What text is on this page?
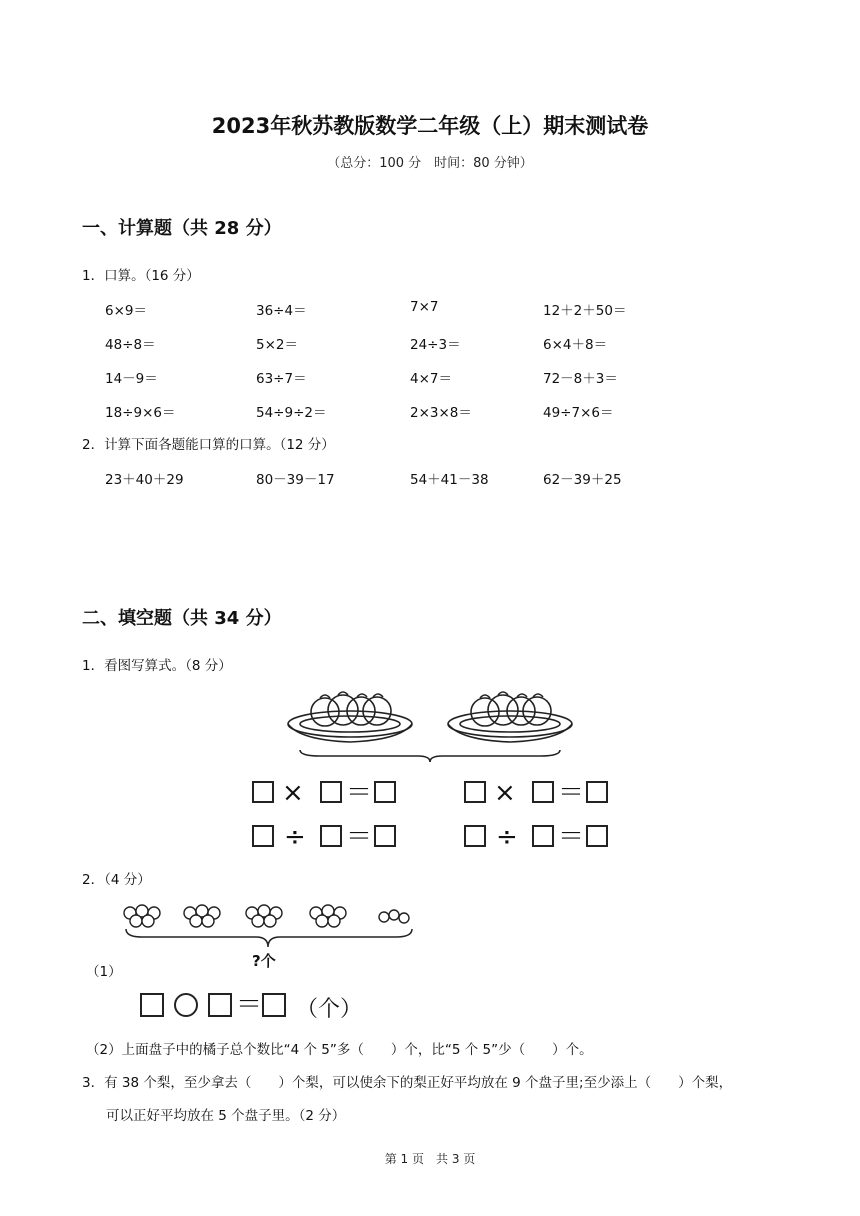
2023年秋苏教版数学二年级（上）期末测试卷
（总分：100 分　时间：80 分钟）
一、计算题（共 28 分）
1．口算。（16 分）
6×9＝	36÷4＝	7×7	12＋2＋50＝
48÷8＝	5×2＝	24÷3＝	6×4＋8＝
14－9＝	63÷7＝	4×7＝	72－8＋3＝
18÷9×6＝	54÷9÷2＝	2×3×8＝	49÷7×6＝
2．计算下面各题能口算的口算。（12 分）
23＋40＋29	80－39－17	54＋41－38	62－39＋25
二、填空题（共 34 分）
1．看图写算式。（8 分）
× ＝	× ＝
÷ ＝	÷ ＝
2．（4 分）
（1）
?个
＝ （个）
（2）上面盘子中的橘子总个数比“4 个 5”多（　　）个，比“5 个 5”少（　　）个。
3．有 38 个梨，至少拿去（　　）个梨，可以使余下的梨正好平均放在 9 个盘子里;至少添上（　　）个梨，
可以正好平均放在 5 个盘子里。（2 分）
第 1 页　共 3 页
